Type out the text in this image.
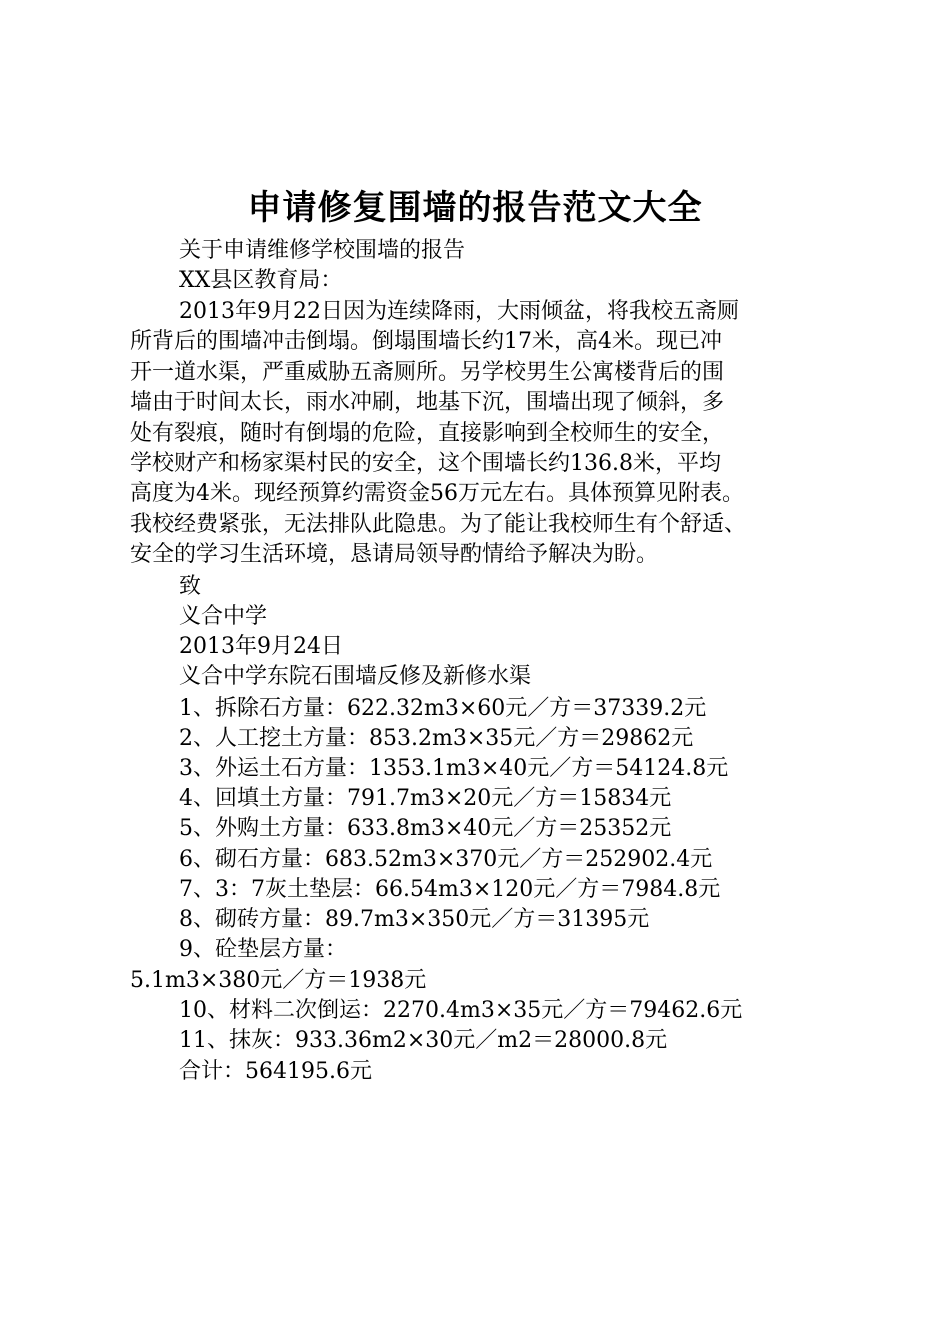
申请修复围墙的报告范文大全
关于申请维修学校围墙的报告
XX县区教育局：
2013年9月22日因为连续降雨，大雨倾盆，将我校五斋厕
所背后的围墙冲击倒塌。倒塌围墙长约17米，高4米。现已冲
开一道水渠，严重威胁五斋厕所。另学校男生公寓楼背后的围
墙由于时间太长，雨水冲刷，地基下沉，围墙出现了倾斜，多
处有裂痕，随时有倒塌的危险，直接影响到全校师生的安全，
学校财产和杨家渠村民的安全，这个围墙长约136.8米，平均
高度为4米。现经预算约需资金56万元左右。具体预算见附表。
我校经费紧张，无法排队此隐患。为了能让我校师生有个舒适、
安全的学习生活环境，恳请局领导酌情给予解决为盼。
致
义合中学
2013年9月24日
义合中学东院石围墙反修及新修水渠
1、拆除石方量：622.32m3×60元／方＝37339.2元
2、人工挖土方量：853.2m3×35元／方＝29862元
3、外运土石方量：1353.1m3×40元／方＝54124.8元
4、回填土方量：791.7m3×20元／方＝15834元
5、外购土方量：633.8m3×40元／方＝25352元
6、砌石方量：683.52m3×370元／方＝252902.4元
7、3：7灰土垫层：66.54m3×120元／方＝7984.8元
8、砌砖方量：89.7m3×350元／方＝31395元
9、砼垫层方量：
5.1m3×380元／方＝1938元
10、材料二次倒运：2270.4m3×35元／方＝79462.6元
11、抹灰：933.36m2×30元／m2＝28000.8元
合计：564195.6元
